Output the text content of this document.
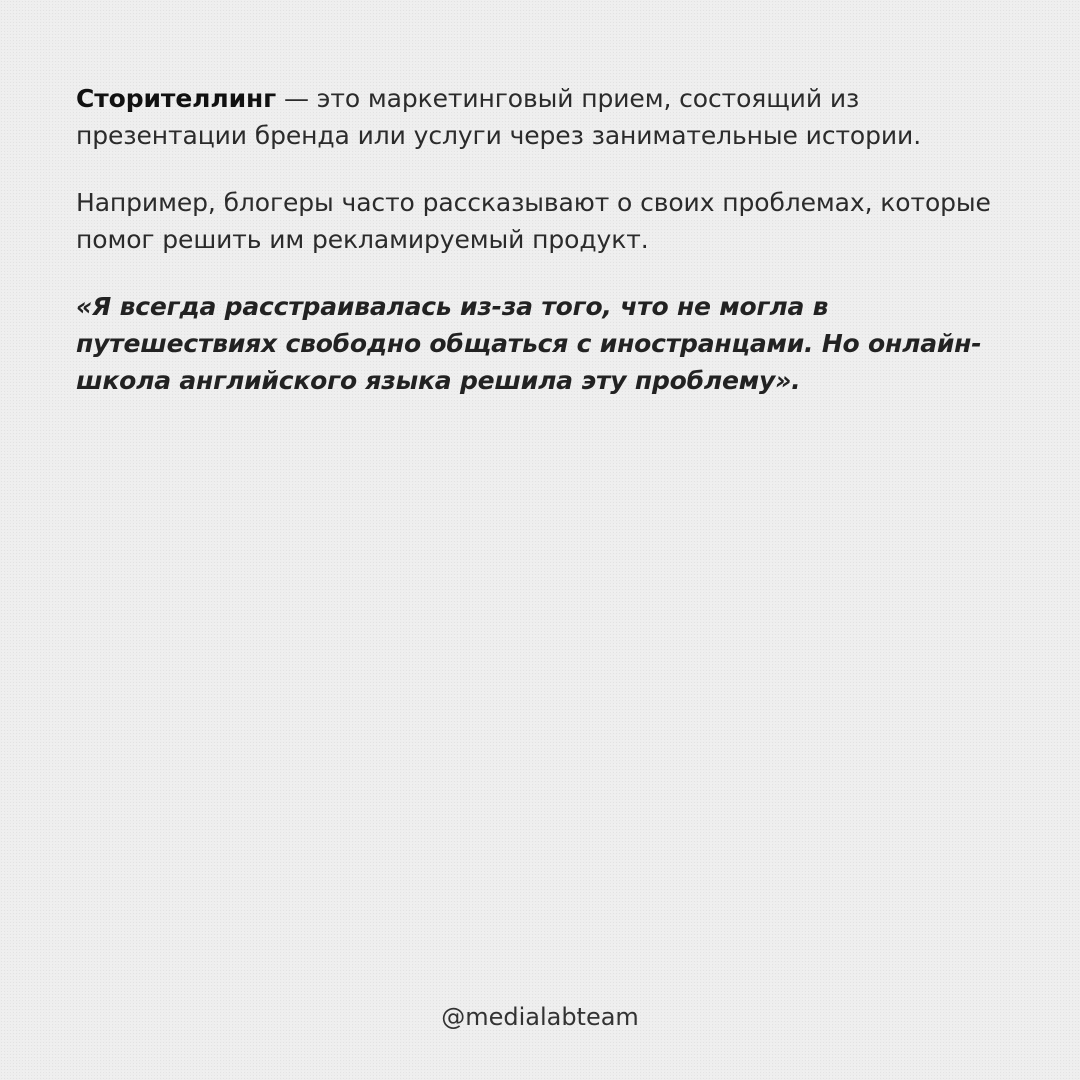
Сторителлинг — это маркетинговый прием, состоящий из презентации бренда или услуги через занимательные истории.

Например, блогеры часто рассказывают о своих проблемах, которые помог решить им рекламируемый продукт.

«Я всегда расстраивалась из-за того, что не могла в путешествиях свободно общаться с иностранцами. Но онлайн-школа английского языка решила эту проблему».

@medialabteam
